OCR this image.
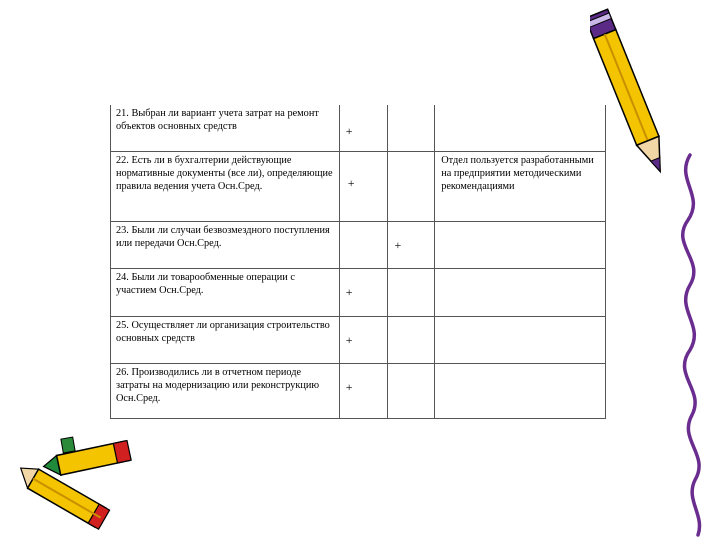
21. Выбран ли вариант учета затрат на ремонт объектов основных средств	+		
22. Есть ли в бухгалтерии действующие нормативные документы (все ли), определяющие правила ведения учета Осн.Сред.	+		Отдел пользуется разработанными на предприятии методическими рекомендациями
23. Были ли случаи безвозмездного поступления или передачи Осн.Сред.		+	
24. Были ли товарообменные операции с участием Осн.Сред.	+		
25. Осуществляет ли организация строительство основных средств	+		
26. Производились ли в отчетном периоде затраты на модернизацию или реконструкцию Осн.Сред.	+		
